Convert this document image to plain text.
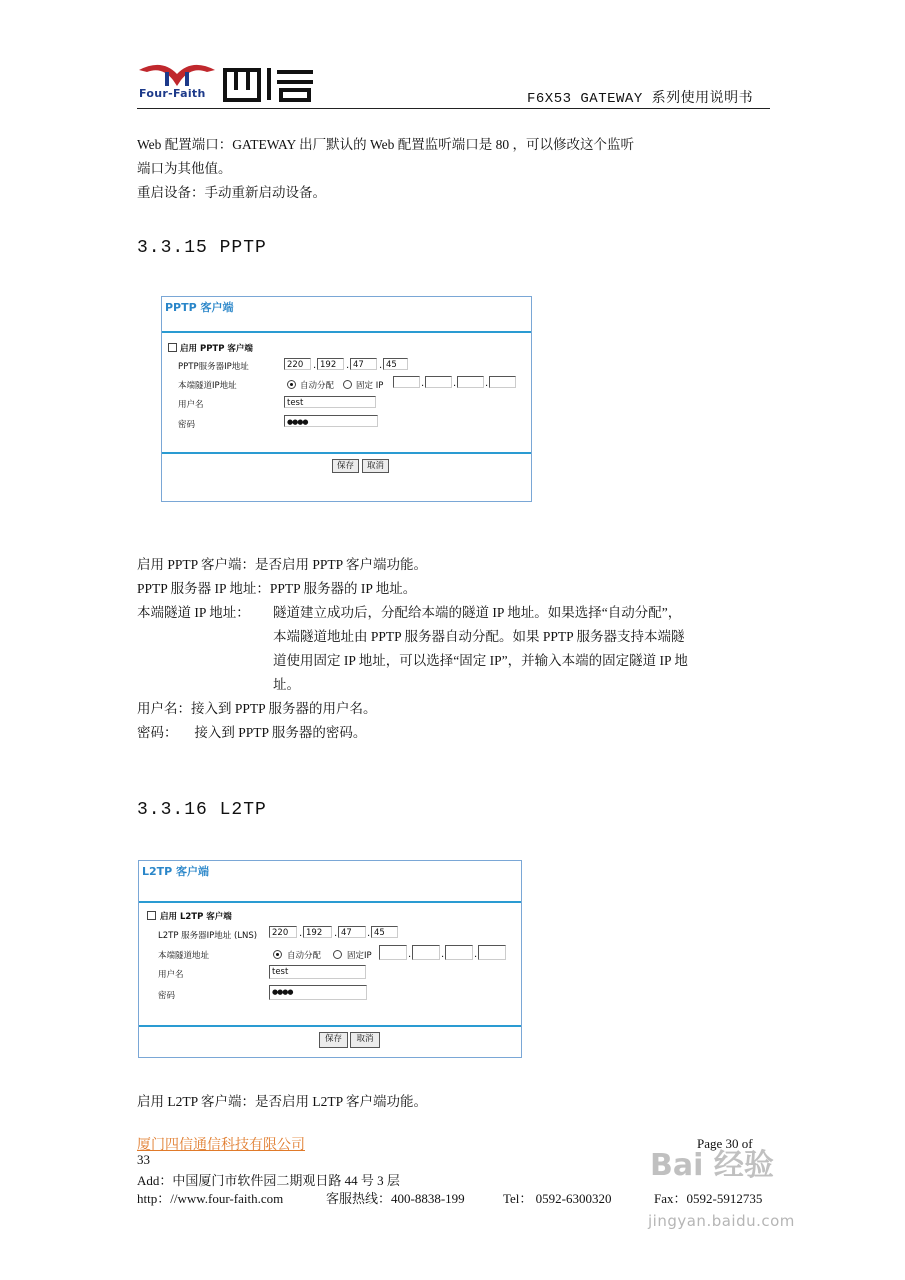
Four-Faith	F6X53 GATEWAY 系列使用说明书
Web 配置端口：GATEWAY 出厂默认的 Web 配置监听端口是 80 ，可以修改这个监听
端口为其他值。
重启设备：手动重新启动设备。
3.3.15 PPTP
PPTP 客户端
启用 PPTP 客户端
PPTP服务器IP地址	220 . 192 . 47	. 45
本端隧道IP地址	自动分配	固定 IP	.	.	.
用户名	test
密码	●●●●
保存	取消
启用 PPTP 客户端：是否启用 PPTP 客户端功能。
PPTP 服务器 IP 地址：PPTP 服务器的 IP 地址。
本端隧道 IP 地址： 隧道建立成功后，分配给本端的隧道 IP 地址。如果选择“自动分配”，
本端隧道地址由 PPTP 服务器自动分配。如果 PPTP 服务器支持本端隧
道使用固定 IP 地址，可以选择“固定 IP”，并输入本端的固定隧道 IP 地
址。
用户名：接入到 PPTP 服务器的用户名。
密码：     接入到 PPTP 服务器的密码。
3.3.16 L2TP
L2TP 客户端
启用 L2TP 客户端
L2TP 服务器IP地址 (LNS)	220	. 192	. 47	. 45
本端隧道地址	自动分配	固定IP	.	.	.
用户名	test
密码	●●●●
保存	取消
启用 L2TP 客户端：是否启用 L2TP 客户端功能。
厦门四信通信科技有限公司	Page 30 of
33
Add：中国厦门市软件园二期观日路 44 号 3 层
http：//www.four-faith.com	客服热线：400-8838-199	Tel： 0592-6300320	Fax：0592-5912735
Bai 经验
jingyan.baidu.com
